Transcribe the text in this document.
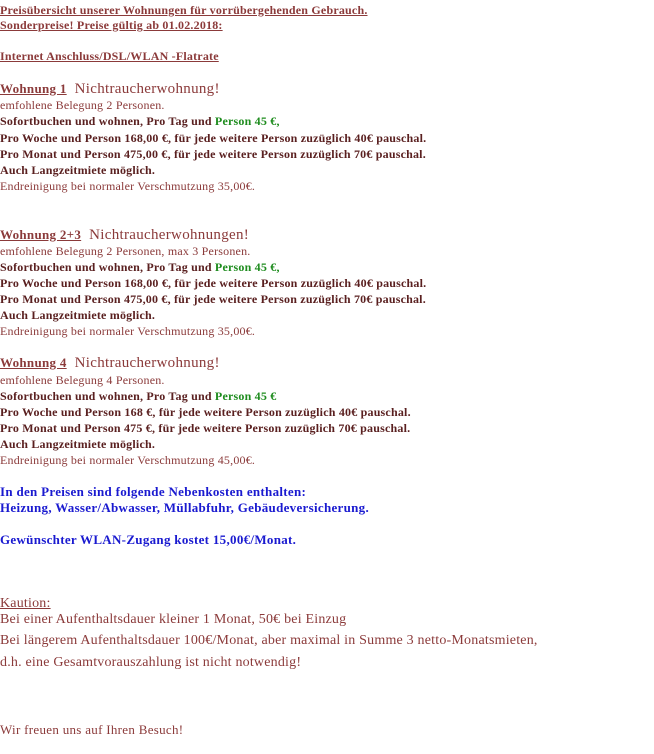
Preisübersicht unserer Wohnungen für vorrübergehenden Gebrauch.
Sonderpreise! Preise gültig ab 01.02.2018:
Internet Anschluss/DSL/WLAN -Flatrate
Wohnung 1 Nichtraucherwohnung!
emfohlene Belegung 2 Personen.
Sofortbuchen und wohnen, Pro Tag und Person 45 €,
Pro Woche und Person 168,00 €, für jede weitere Person zuzüglich 40€ pauschal.
Pro Monat und Person 475,00 €, für jede weitere Person zuzüglich 70€ pauschal.
Auch Langzeitmiete möglich.
Endreinigung bei normaler Verschmutzung 35,00€.
Wohnung 2+3 Nichtraucherwohnungen!
emfohlene Belegung 2 Personen, max 3 Personen.
Sofortbuchen und wohnen, Pro Tag und Person 45 €,
Pro Woche und Person 168,00 €, für jede weitere Person zuzüglich 40€ pauschal.
Pro Monat und Person 475,00 €, für jede weitere Person zuzüglich 70€ pauschal.
Auch Langzeitmiete möglich.
Endreinigung bei normaler Verschmutzung 35,00€.
Wohnung 4 Nichtraucherwohnung!
emfohlene Belegung 4 Personen.
Sofortbuchen und wohnen, Pro Tag und Person 45 €
Pro Woche und Person 168 €, für jede weitere Person zuzüglich 40€ pauschal.
Pro Monat und Person 475 €, für jede weitere Person zuzüglich 70€ pauschal.
Auch Langzeitmiete möglich.
Endreinigung bei normaler Verschmutzung 45,00€.
In den Preisen sind folgende Nebenkosten enthalten:
Heizung, Wasser/Abwasser, Müllabfuhr, Gebäudeversicherung.
Gewünschter WLAN-Zugang kostet 15,00€/Monat.
Kaution:
Bei einer Aufenthaltsdauer kleiner 1 Monat, 50€ bei Einzug
Bei längerem Aufenthaltsdauer 100€/Monat, aber maximal in Summe 3 netto-Monatsmieten,
d.h. eine Gesamtvorauszahlung ist nicht notwendig!
Wir freuen uns auf Ihren Besuch!
